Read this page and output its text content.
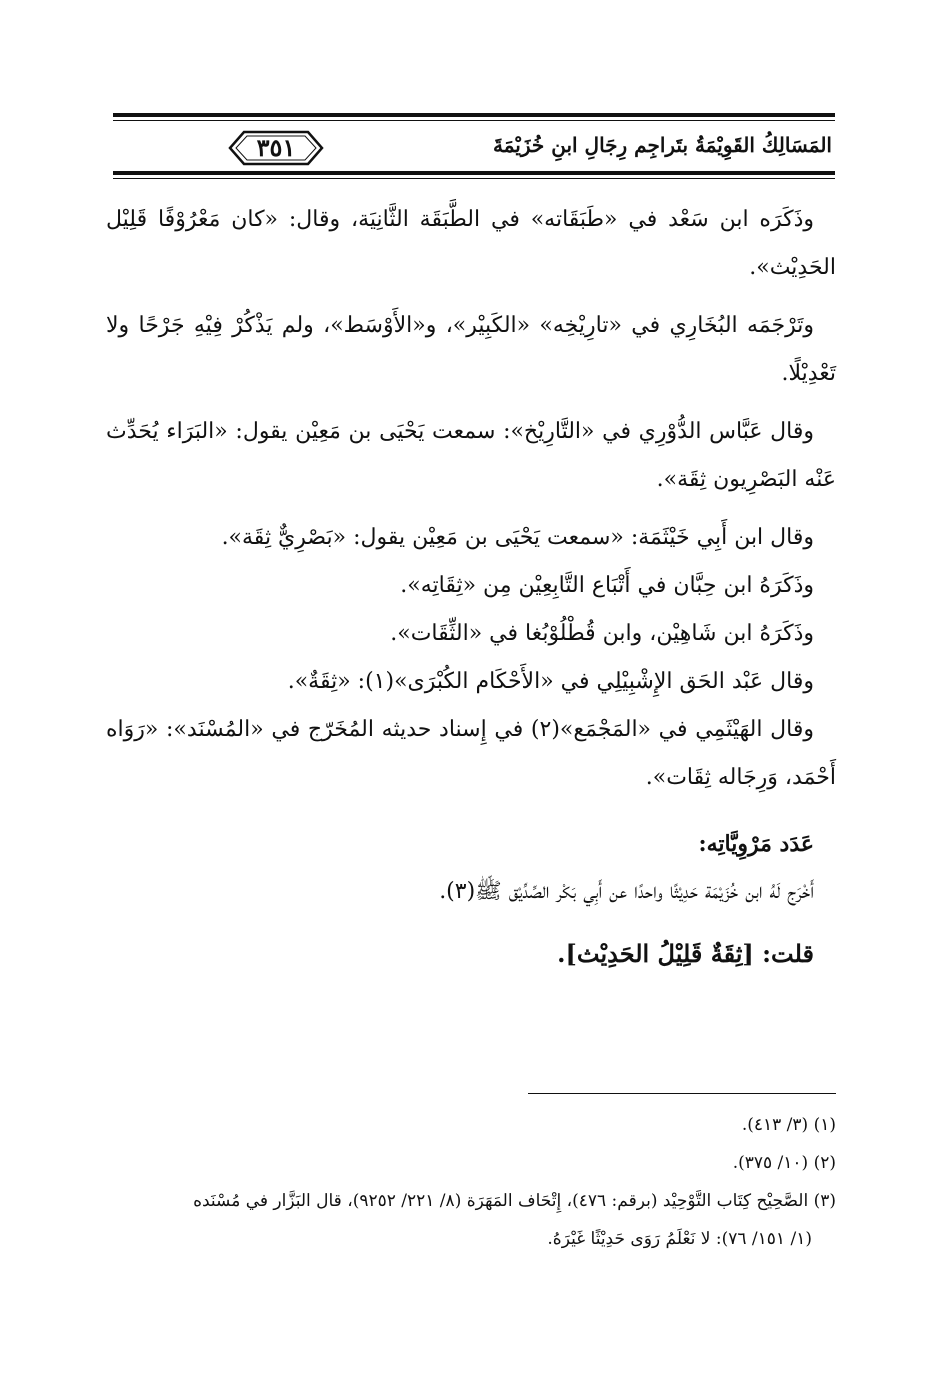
المَسَالِكُ القَوِيْمَةُ بتَراجِم رِجَالِ ابنِ خُزَيْمَةَ
٣٥١

وذَكَرَه ابن سَعْد في «طَبَقَاته» في الطَّبَقَة الثَّانِيَة، وقال: «كان مَعْرُوْفًا قَلِيْل الحَدِيْث».

وتَرْجَمَه البُخَارِي في «تارِيْخِه» «الكَبِيْر»، و«الأَوْسَط»، ولم يَذْكُرْ فِيْهِ جَرْحًا ولا تَعْدِيْلًا.

وقال عَبَّاس الدُّوْرِي في «التَّارِيْخ»: سمعت يَحْيَى بن مَعِيْن يقول: «البَرَاء يُحَدِّث عَنْه البَصْرِيون ثِقَة».

وقال ابن أَبِي خَيْثَمَة: «سمعت يَحْيَى بن مَعِيْن يقول: «بَصْرِيٌّ ثِقَة».

وذَكَرَهُ ابن حِبَّان في أَتْبَاع التَّابِعِيْن مِن «ثِقَاتِه».

وذَكَرَهُ ابن شَاهِيْن، وابن قُطْلُوْبُغا في «الثِّقَات».

وقال عَبْد الحَق الإِشْبِيْلِي في «الأَحْكَام الكُبْرَى»(١): «ثِقَةٌ».

وقال الهَيْثَمِي في «المَجْمَع»(٢) في إِسناد حديثه المُخَرّج في «المُسْنَد»: «رَوَاه أَحْمَد، وَرِجَاله ثِقَات».

عَدَد مَرْوِيَّاتِه:

أَخْرَج لَهُ ابن خُزَيْمَة حَدِيْثًا واحدًا عن أَبِي بَكْر الصِّدِّيْق ﷺ(٣).

قلت: [ثِقَةٌ قَلِيْلُ الحَدِيْث].

(١) (٣/ ٤١٣).

(٢) (١٠/ ٣٧٥).

(٣) الصَّحِيْح كِتَاب التَّوْحِيْد (برقم: ٤٧٦)، إِتْحَاف المَهَرَة (٨/ ٢٢١/ ٩٢٥٢)، قال البَزَّار في مُسْنَده

(١/ ١٥١/ ٧٦): لا نَعْلَمُ رَوَى حَدِيْثًا غَيْرَهُ.
